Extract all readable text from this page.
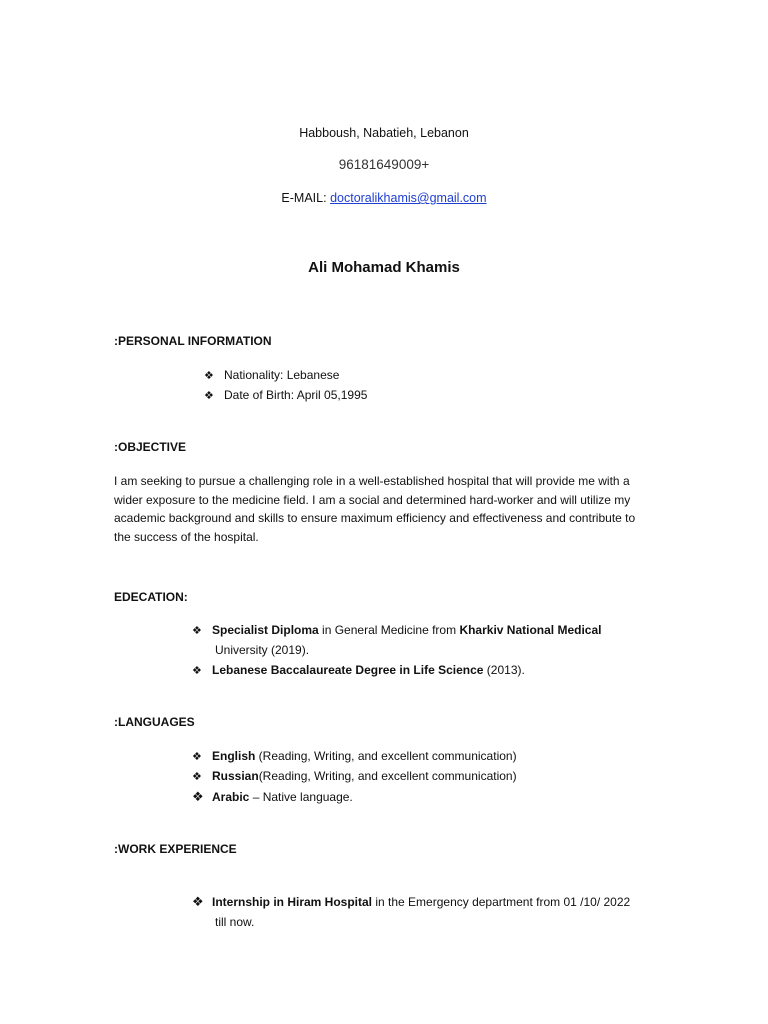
Habboush, Nabatieh, Lebanon
96181649009+
E-MAIL: doctoralikhamis@gmail.com
Ali Mohamad Khamis
:PERSONAL INFORMATION
❖ Nationality: Lebanese
❖ Date of Birth: April 05,1995
:OBJECTIVE
I am seeking to pursue a challenging role in a well-established hospital that will provide me with a
wider exposure to the medicine field. I am a social and determined hard-worker and will utilize my
academic background and skills to ensure maximum efficiency and effectiveness and contribute to
the success of the hospital.
EDECATION:
❖ Specialist Diploma in General Medicine from Kharkiv National Medical
University (2019).
❖ Lebanese Baccalaureate Degree in Life Science (2013).
:LANGUAGES
❖ English (Reading, Writing, and excellent communication)
❖ Russian(Reading, Writing, and excellent communication)
❖ Arabic – Native language.
:WORK EXPERIENCE
❖ Internship in Hiram Hospital in the Emergency department from 01 /10/ 2022
till now.
